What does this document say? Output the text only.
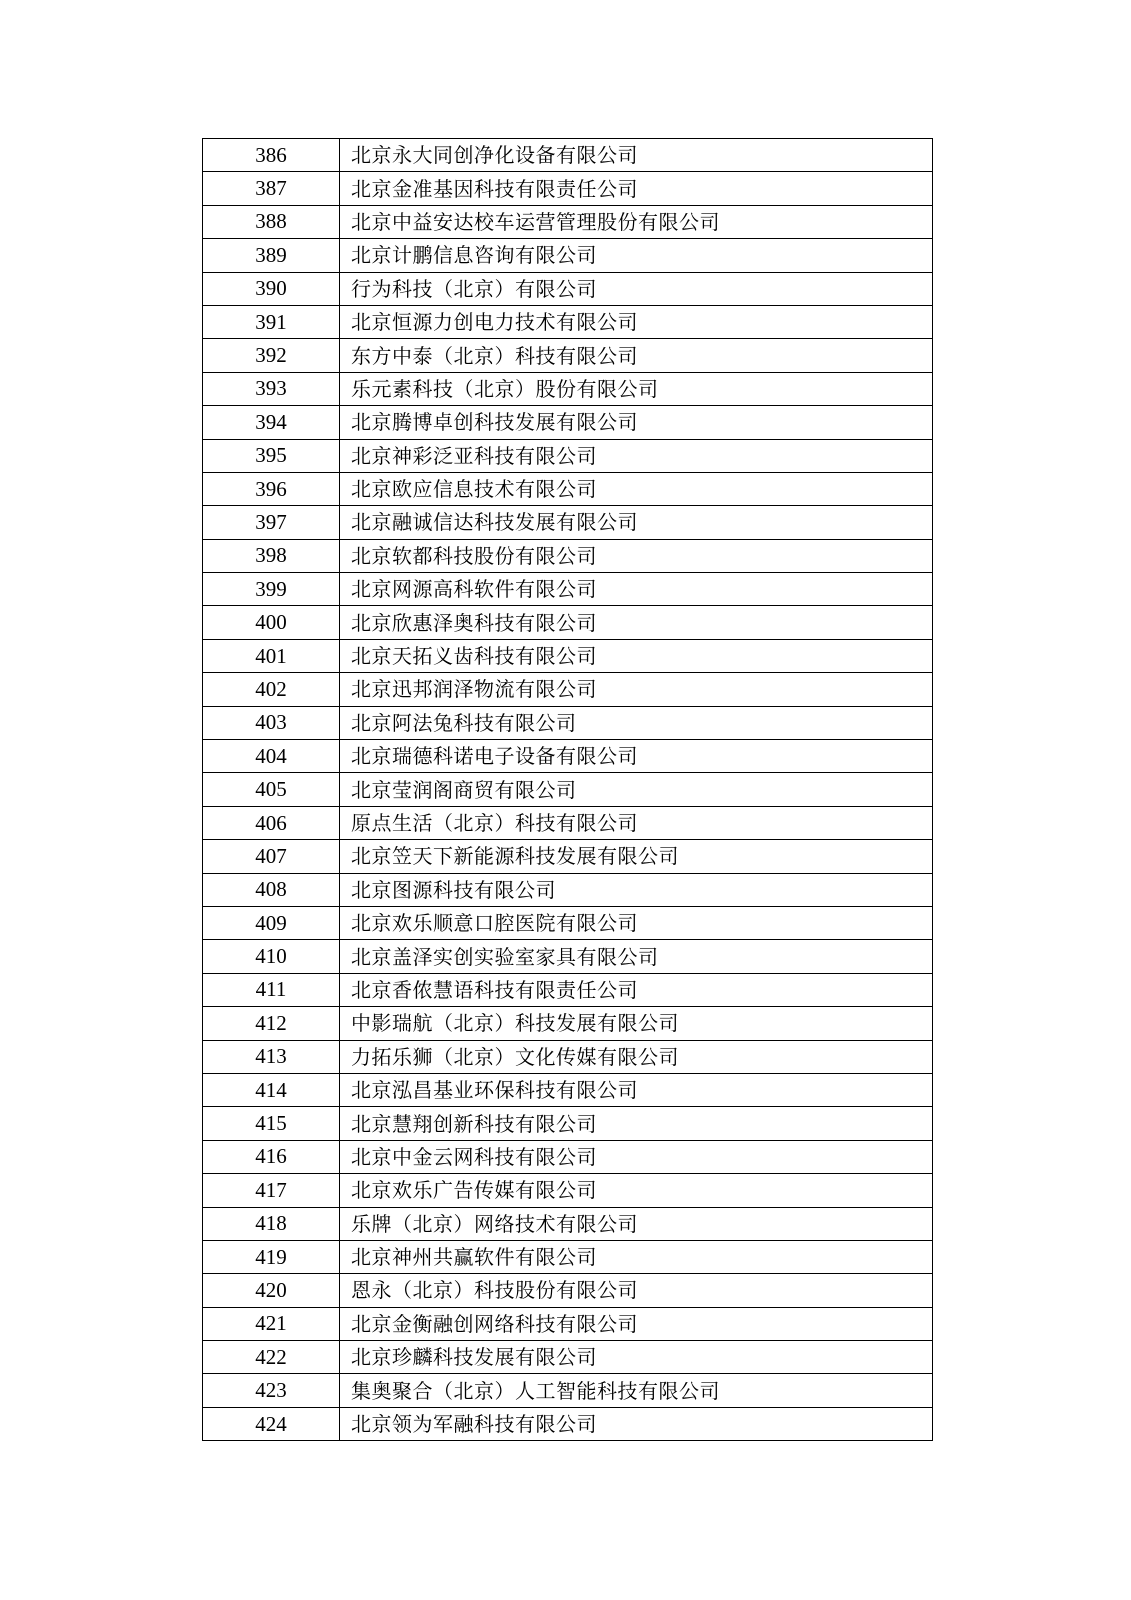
386	北京永大同创净化设备有限公司
387	北京金准基因科技有限责任公司
388	北京中益安达校车运营管理股份有限公司
389	北京计鹏信息咨询有限公司
390	行为科技（北京）有限公司
391	北京恒源力创电力技术有限公司
392	东方中泰（北京）科技有限公司
393	乐元素科技（北京）股份有限公司
394	北京腾博卓创科技发展有限公司
395	北京神彩泛亚科技有限公司
396	北京欧应信息技术有限公司
397	北京融诚信达科技发展有限公司
398	北京软都科技股份有限公司
399	北京网源高科软件有限公司
400	北京欣惠泽奥科技有限公司
401	北京天拓义齿科技有限公司
402	北京迅邦润泽物流有限公司
403	北京阿法兔科技有限公司
404	北京瑞德科诺电子设备有限公司
405	北京莹润阁商贸有限公司
406	原点生活（北京）科技有限公司
407	北京笠天下新能源科技发展有限公司
408	北京图源科技有限公司
409	北京欢乐顺意口腔医院有限公司
410	北京盖泽实创实验室家具有限公司
411	北京香侬慧语科技有限责任公司
412	中影瑞航（北京）科技发展有限公司
413	力拓乐狮（北京）文化传媒有限公司
414	北京泓昌基业环保科技有限公司
415	北京慧翔创新科技有限公司
416	北京中金云网科技有限公司
417	北京欢乐广告传媒有限公司
418	乐牌（北京）网络技术有限公司
419	北京神州共赢软件有限公司
420	恩永（北京）科技股份有限公司
421	北京金衡融创网络科技有限公司
422	北京珍麟科技发展有限公司
423	集奥聚合（北京）人工智能科技有限公司
424	北京领为军融科技有限公司
